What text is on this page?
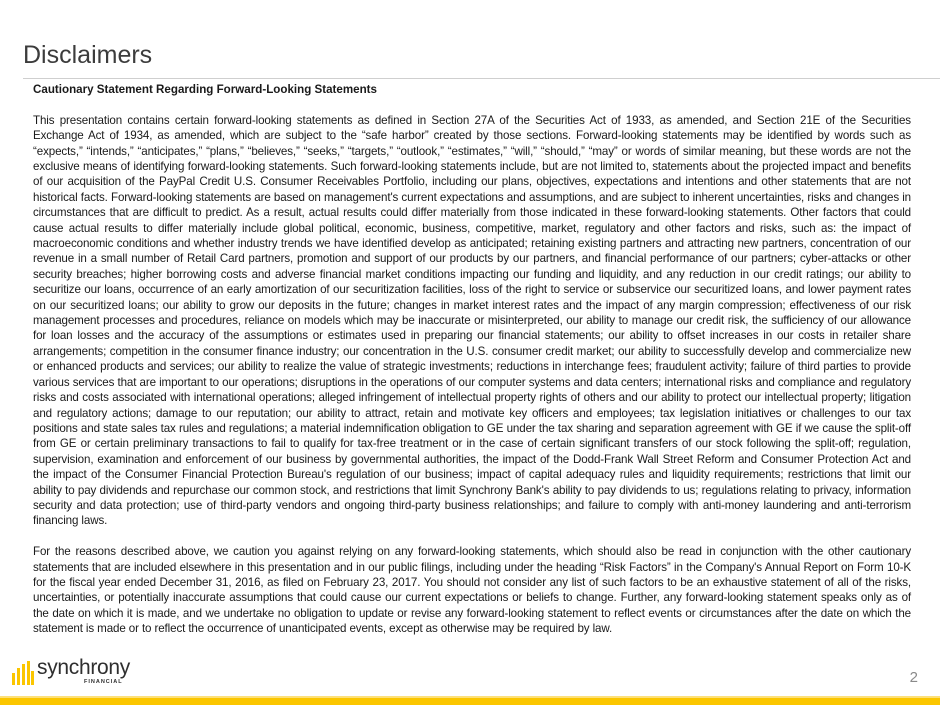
Disclaimers

Cautionary Statement Regarding Forward-Looking Statements

This presentation contains certain forward-looking statements as defined in Section 27A of the Securities Act of 1933, as amended, and Section 21E of the Securities Exchange Act of 1934, as amended, which are subject to the “safe harbor” created by those sections. Forward-looking statements may be identified by words such as “expects,” “intends,” “anticipates,” “plans,” “believes,” “seeks,” “targets,” “outlook,” “estimates,” “will,” “should,” “may” or words of similar meaning, but these words are not the exclusive means of identifying forward-looking statements. Such forward-looking statements include, but are not limited to, statements about the projected impact and benefits of our acquisition of the PayPal Credit U.S. Consumer Receivables Portfolio, including our plans, objectives, expectations and intentions and other statements that are not historical facts. Forward-looking statements are based on management's current expectations and assumptions, and are subject to inherent uncertainties, risks and changes in circumstances that are difficult to predict. As a result, actual results could differ materially from those indicated in these forward-looking statements. Other factors that could cause actual results to differ materially include global political, economic, business, competitive, market, regulatory and other factors and risks, such as: the impact of macroeconomic conditions and whether industry trends we have identified develop as anticipated; retaining existing partners and attracting new partners, concentration of our revenue in a small number of Retail Card partners, promotion and support of our products by our partners, and financial performance of our partners; cyber-attacks or other security breaches; higher borrowing costs and adverse financial market conditions impacting our funding and liquidity, and any reduction in our credit ratings; our ability to securitize our loans, occurrence of an early amortization of our securitization facilities, loss of the right to service or subservice our securitized loans, and lower payment rates on our securitized loans; our ability to grow our deposits in the future; changes in market interest rates and the impact of any margin compression; effectiveness of our risk management processes and procedures, reliance on models which may be inaccurate or misinterpreted, our ability to manage our credit risk, the sufficiency of our allowance for loan losses and the accuracy of the assumptions or estimates used in preparing our financial statements; our ability to offset increases in our costs in retailer share arrangements; competition in the consumer finance industry; our concentration in the U.S. consumer credit market; our ability to successfully develop and commercialize new or enhanced products and services; our ability to realize the value of strategic investments; reductions in interchange fees; fraudulent activity; failure of third parties to provide various services that are important to our operations; disruptions in the operations of our computer systems and data centers; international risks and compliance and regulatory risks and costs associated with international operations; alleged infringement of intellectual property rights of others and our ability to protect our intellectual property; litigation and regulatory actions; damage to our reputation; our ability to attract, retain and motivate key officers and employees; tax legislation initiatives or challenges to our tax positions and state sales tax rules and regulations; a material indemnification obligation to GE under the tax sharing and separation agreement with GE if we cause the split-off from GE or certain preliminary transactions to fail to qualify for tax-free treatment or in the case of certain significant transfers of our stock following the split-off; regulation, supervision, examination and enforcement of our business by governmental authorities, the impact of the Dodd-Frank Wall Street Reform and Consumer Protection Act and the impact of the Consumer Financial Protection Bureau's regulation of our business; impact of capital adequacy rules and liquidity requirements; restrictions that limit our ability to pay dividends and repurchase our common stock, and restrictions that limit Synchrony Bank's ability to pay dividends to us; regulations relating to privacy, information security and data protection; use of third-party vendors and ongoing third-party business relationships; and failure to comply with anti-money laundering and anti-terrorism financing laws.

For the reasons described above, we caution you against relying on any forward-looking statements, which should also be read in conjunction with the other cautionary statements that are included elsewhere in this presentation and in our public filings, including under the heading “Risk Factors” in the Company's Annual Report on Form 10-K for the fiscal year ended December 31, 2016, as filed on February 23, 2017. You should not consider any list of such factors to be an exhaustive statement of all of the risks, uncertainties, or potentially inaccurate assumptions that could cause our current expectations or beliefs to change. Further, any forward-looking statement speaks only as of the date on which it is made, and we undertake no obligation to update or revise any forward-looking statement to reflect events or circumstances after the date on which the statement is made or to reflect the occurrence of unanticipated events, except as otherwise may be required by law.

synchrony
FINANCIAL	2
